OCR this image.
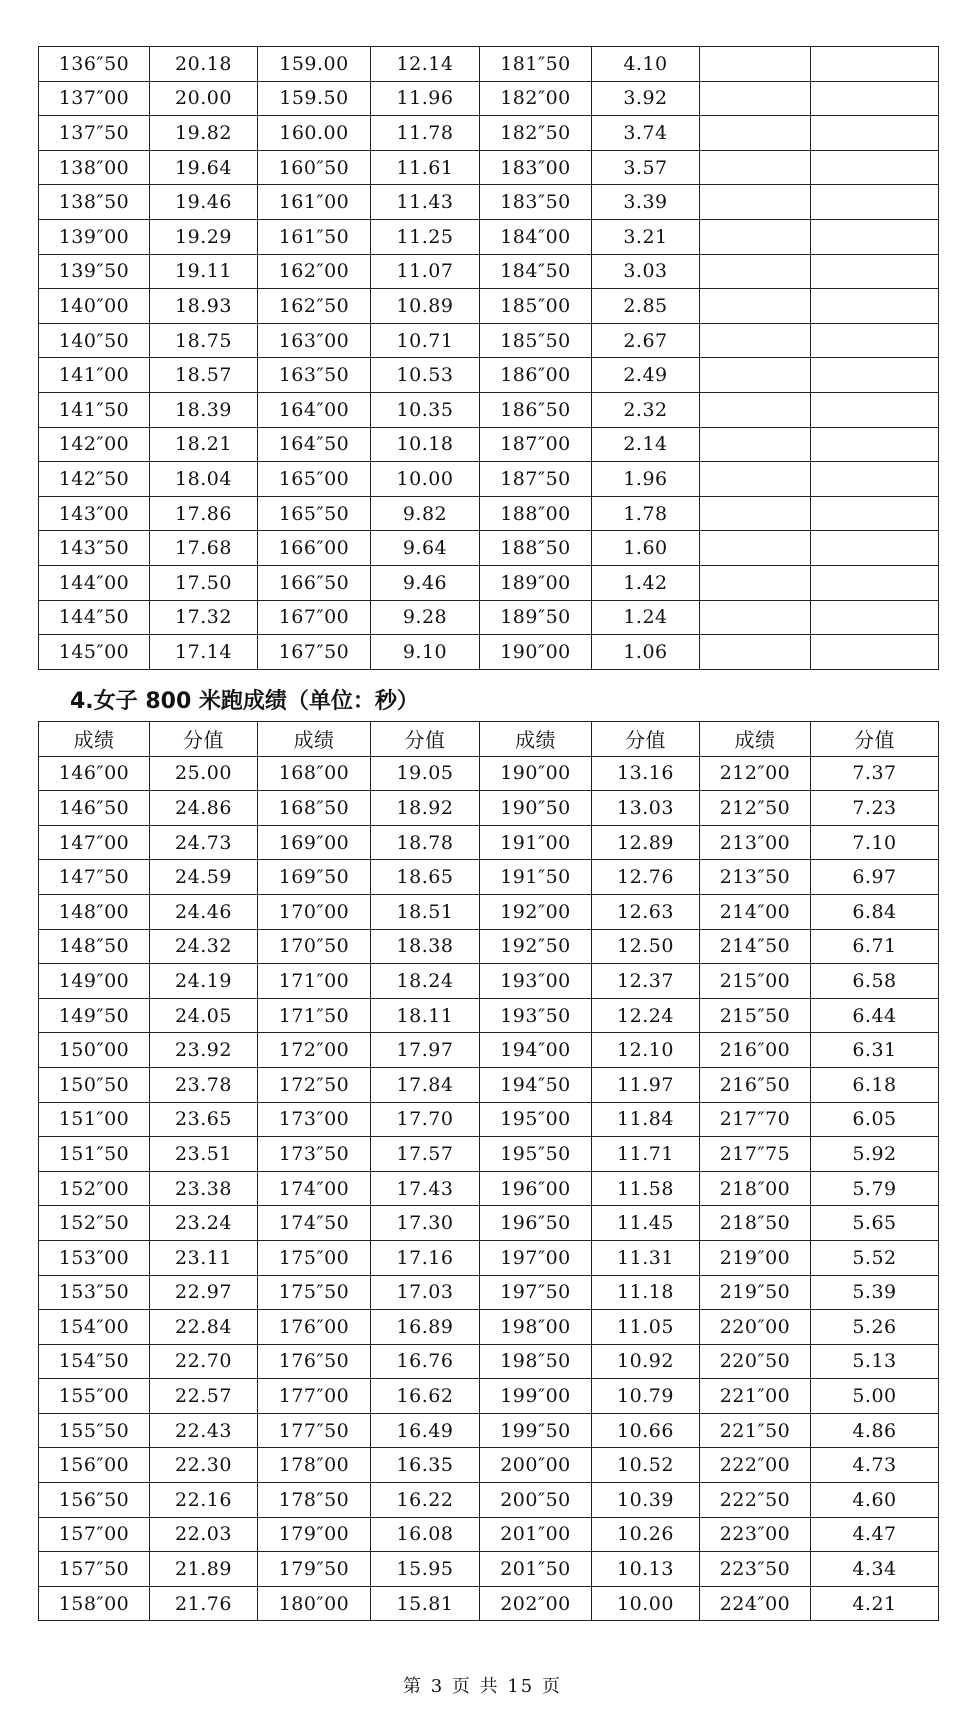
136″50	20.18	159.00	12.14	181″50	4.10		
137″00	20.00	159.50	11.96	182″00	3.92		
137″50	19.82	160.00	11.78	182″50	3.74		
138″00	19.64	160″50	11.61	183″00	3.57		
138″50	19.46	161″00	11.43	183″50	3.39		
139″00	19.29	161″50	11.25	184″00	3.21		
139″50	19.11	162″00	11.07	184″50	3.03		
140″00	18.93	162″50	10.89	185″00	2.85		
140″50	18.75	163″00	10.71	185″50	2.67		
141″00	18.57	163″50	10.53	186″00	2.49		
141″50	18.39	164″00	10.35	186″50	2.32		
142″00	18.21	164″50	10.18	187″00	2.14		
142″50	18.04	165″00	10.00	187″50	1.96		
143″00	17.86	165″50	9.82	188″00	1.78		
143″50	17.68	166″00	9.64	188″50	1.60		
144″00	17.50	166″50	9.46	189″00	1.42		
144″50	17.32	167″00	9.28	189″50	1.24		
145″00	17.14	167″50	9.10	190″00	1.06		
4.女子 800 米跑成绩（单位：秒）
成绩	分值	成绩	分值	成绩	分值	成绩	分值
146″00	25.00	168″00	19.05	190″00	13.16	212″00	7.37
146″50	24.86	168″50	18.92	190″50	13.03	212″50	7.23
147″00	24.73	169″00	18.78	191″00	12.89	213″00	7.10
147″50	24.59	169″50	18.65	191″50	12.76	213″50	6.97
148″00	24.46	170″00	18.51	192″00	12.63	214″00	6.84
148″50	24.32	170″50	18.38	192″50	12.50	214″50	6.71
149″00	24.19	171″00	18.24	193″00	12.37	215″00	6.58
149″50	24.05	171″50	18.11	193″50	12.24	215″50	6.44
150″00	23.92	172″00	17.97	194″00	12.10	216″00	6.31
150″50	23.78	172″50	17.84	194″50	11.97	216″50	6.18
151″00	23.65	173″00	17.70	195″00	11.84	217″70	6.05
151″50	23.51	173″50	17.57	195″50	11.71	217″75	5.92
152″00	23.38	174″00	17.43	196″00	11.58	218″00	5.79
152″50	23.24	174″50	17.30	196″50	11.45	218″50	5.65
153″00	23.11	175″00	17.16	197″00	11.31	219″00	5.52
153″50	22.97	175″50	17.03	197″50	11.18	219″50	5.39
154″00	22.84	176″00	16.89	198″00	11.05	220″00	5.26
154″50	22.70	176″50	16.76	198″50	10.92	220″50	5.13
155″00	22.57	177″00	16.62	199″00	10.79	221″00	5.00
155″50	22.43	177″50	16.49	199″50	10.66	221″50	4.86
156″00	22.30	178″00	16.35	200″00	10.52	222″00	4.73
156″50	22.16	178″50	16.22	200″50	10.39	222″50	4.60
157″00	22.03	179″00	16.08	201″00	10.26	223″00	4.47
157″50	21.89	179″50	15.95	201″50	10.13	223″50	4.34
158″00	21.76	180″00	15.81	202″00	10.00	224″00	4.21
第 3 页 共 15 页
